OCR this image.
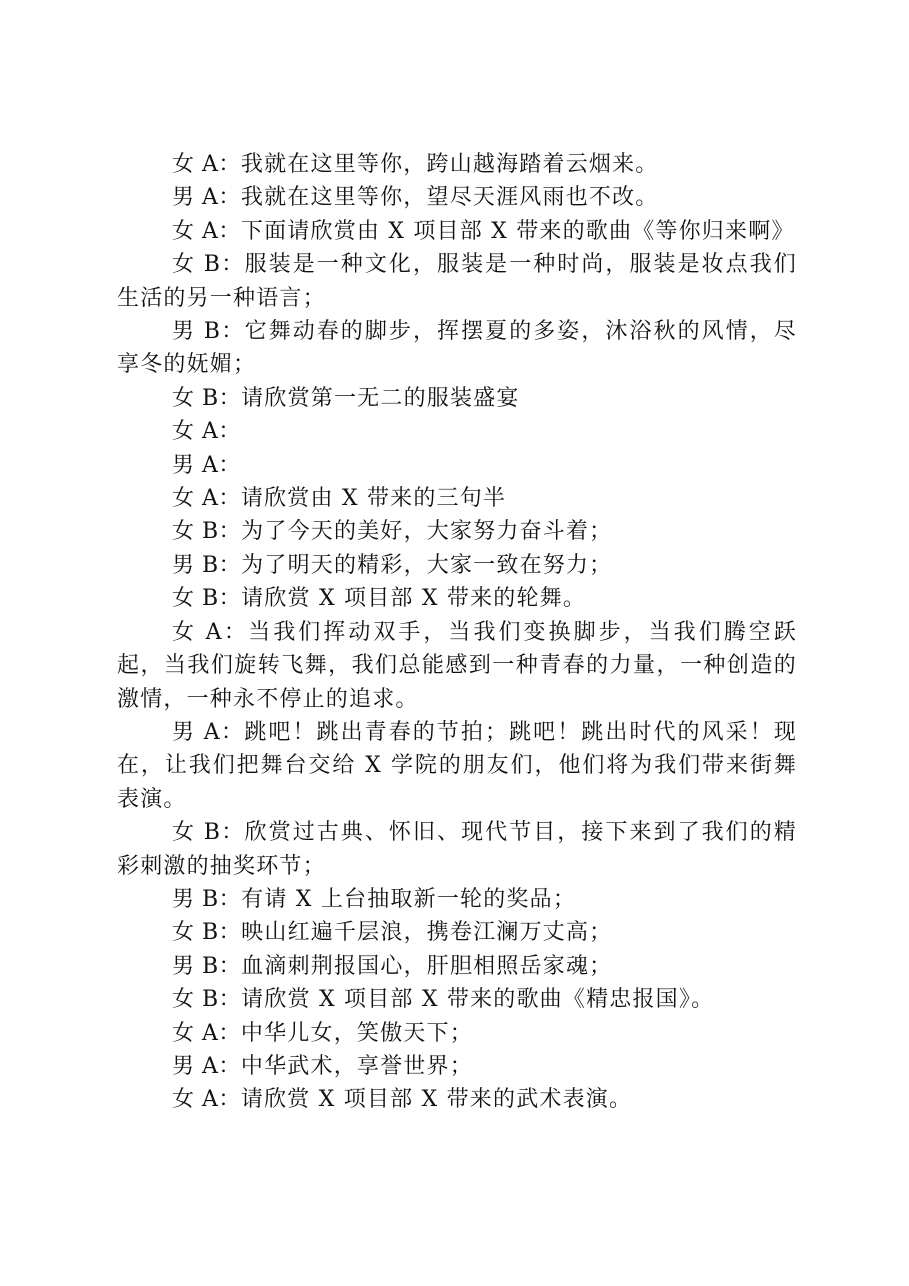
女 A：我就在这里等你，跨山越海踏着云烟来。

男 A：我就在这里等你，望尽天涯风雨也不改。

女 A：下面请欣赏由 X 项目部 X 带来的歌曲《等你归来啊》

女 B：服装是一种文化，服装是一种时尚，服装是妆点我们生活的另一种语言；

男 B：它舞动春的脚步，挥摆夏的多姿，沐浴秋的风情，尽享冬的妩媚；

女 B：请欣赏第一无二的服装盛宴

女 A：

男 A：

女 A：请欣赏由 X 带来的三句半

女 B：为了今天的美好，大家努力奋斗着；

男 B：为了明天的精彩，大家一致在努力；

女 B：请欣赏 X 项目部 X 带来的轮舞。

女 A：当我们挥动双手，当我们变换脚步，当我们腾空跃起，当我们旋转飞舞，我们总能感到一种青春的力量，一种创造的激情，一种永不停止的追求。

男 A：跳吧！跳出青春的节拍；跳吧！跳出时代的风采！现在，让我们把舞台交给 X 学院的朋友们，他们将为我们带来街舞表演。

女 B：欣赏过古典、怀旧、现代节目，接下来到了我们的精彩刺激的抽奖环节；

男 B：有请 X 上台抽取新一轮的奖品；

女 B：映山红遍千层浪，携卷江澜万丈高；

男 B：血滴刺荆报国心，肝胆相照岳家魂；

女 B：请欣赏 X 项目部 X 带来的歌曲《精忠报国》。

女 A：中华儿女，笑傲天下；

男 A：中华武术，享誉世界；

女 A：请欣赏 X 项目部 X 带来的武术表演。
